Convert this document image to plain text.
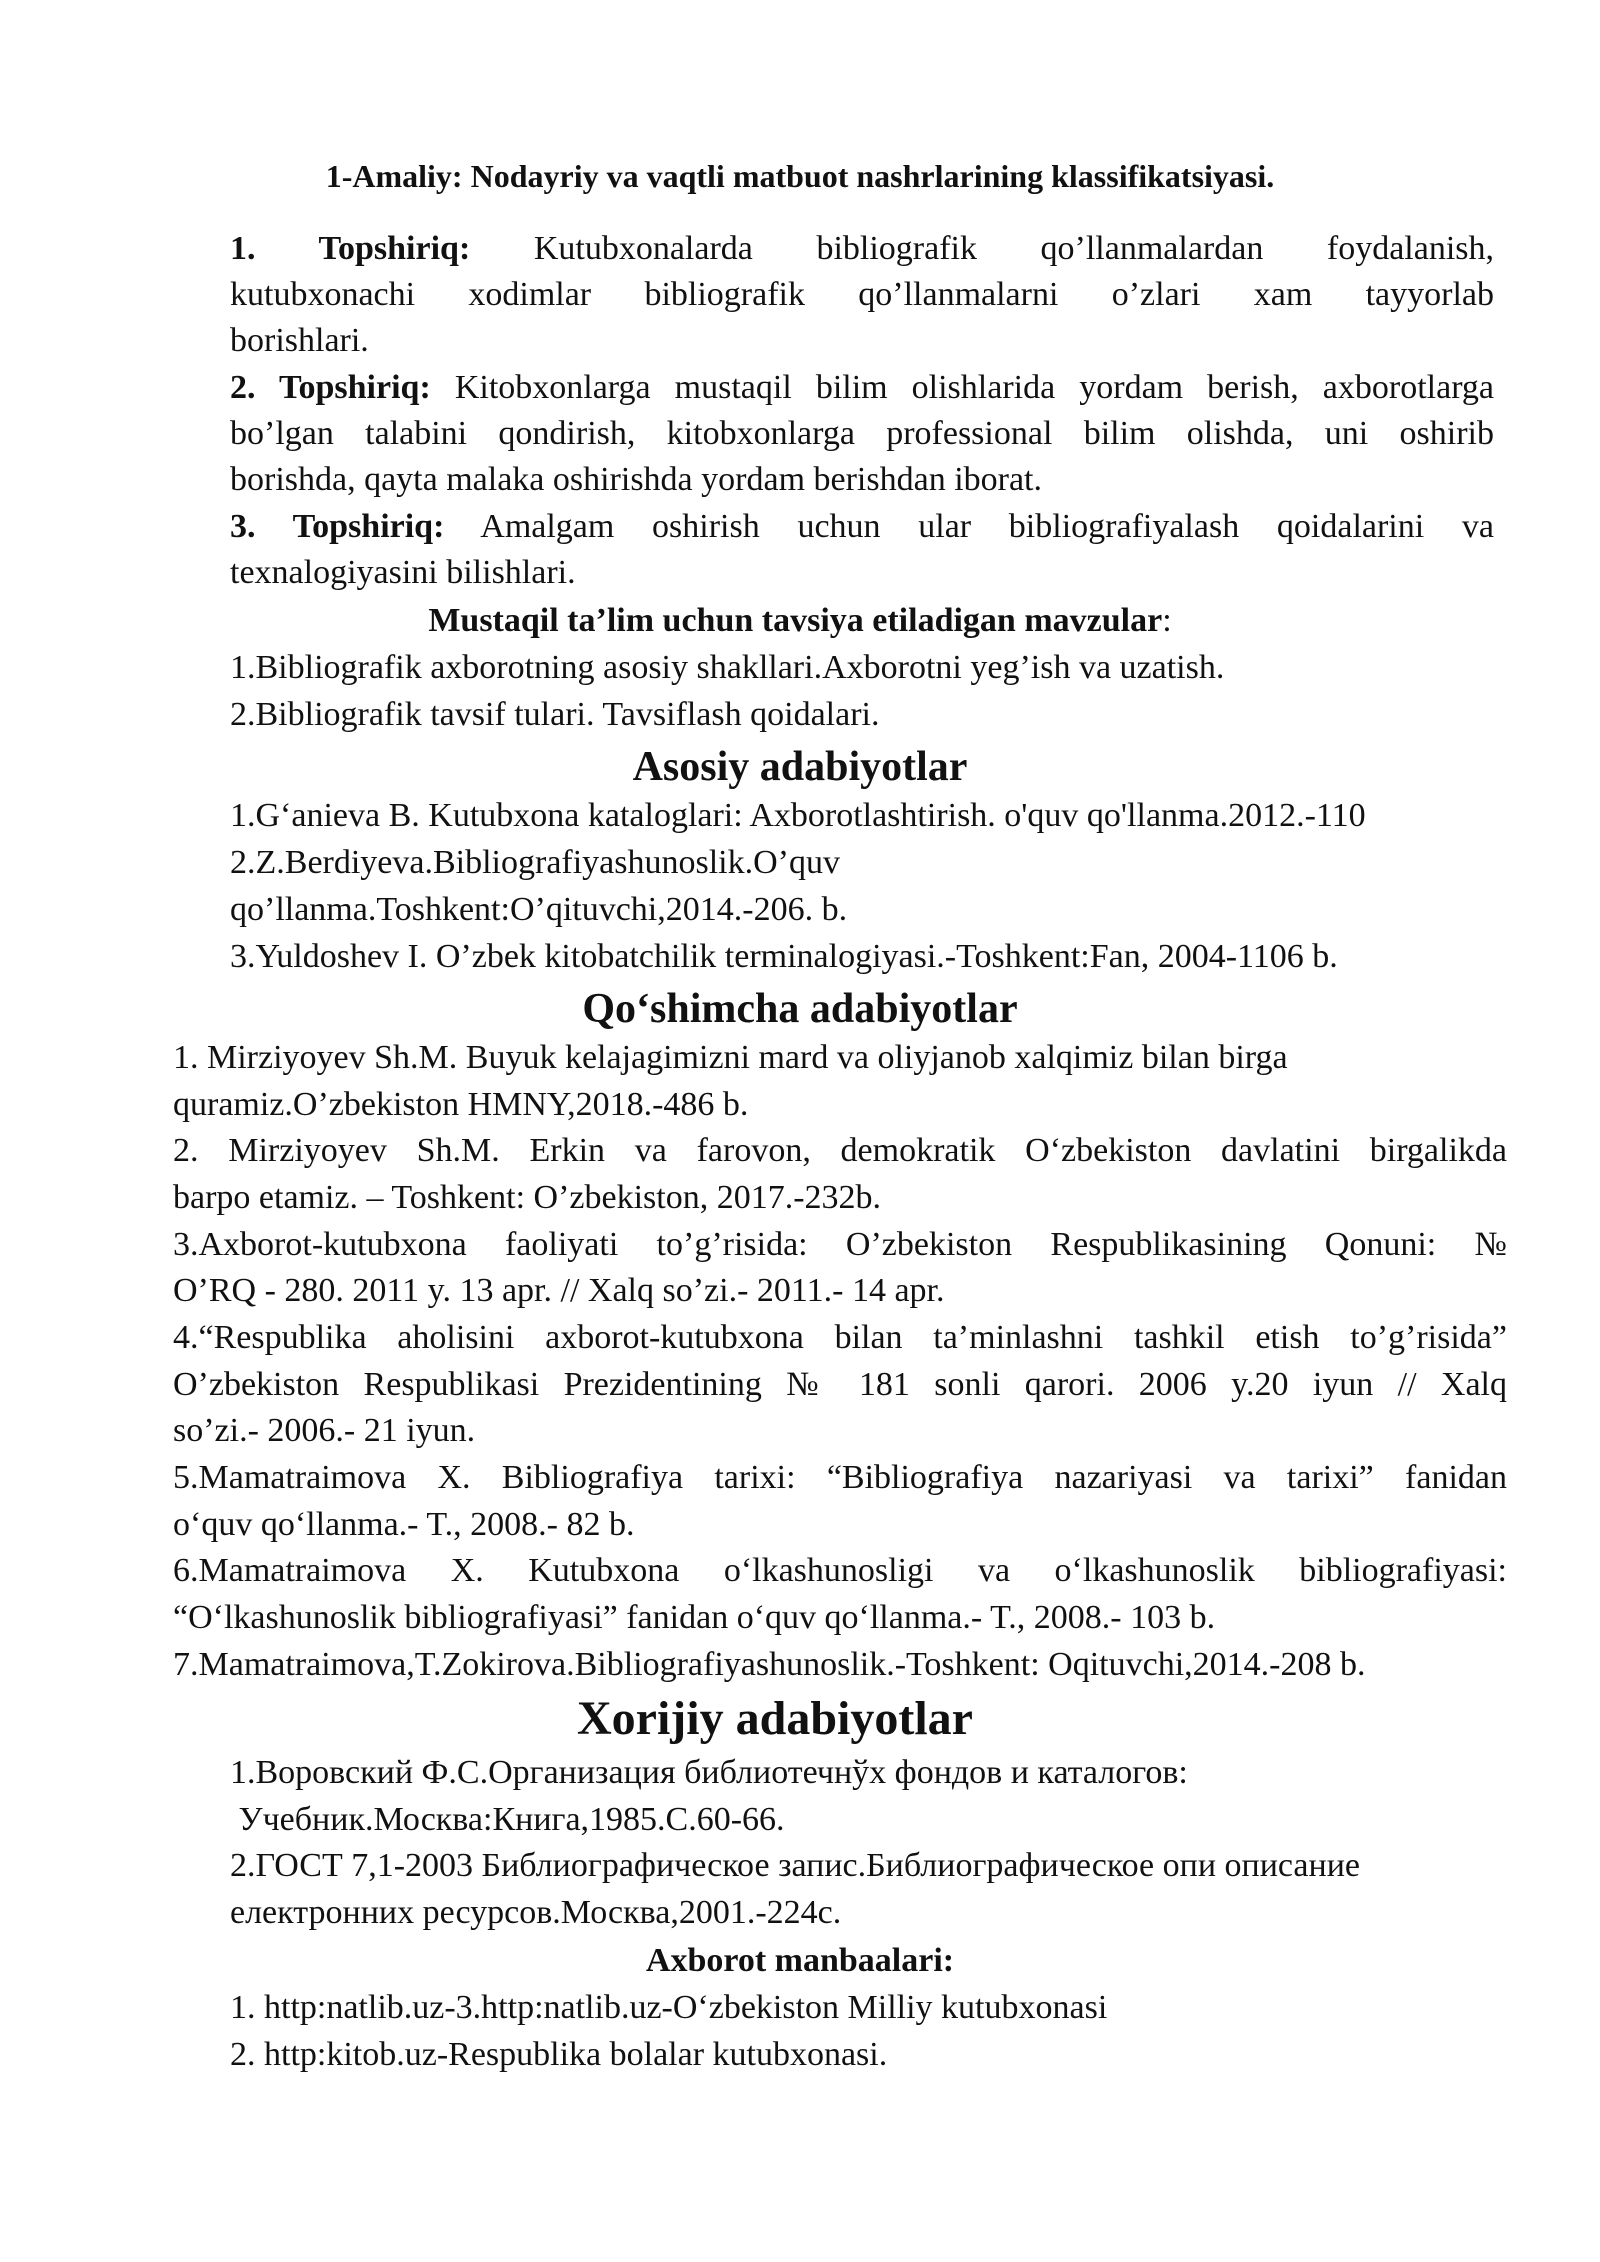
1-Amaliy: Nodayriy va vaqtli matbuot nashrlarining klassifikatsiyasi.
1. Topshiriq: Kutubxonalarda bibliografik qo’llanmalardan foydalanish,
kutubxonachi xodimlar bibliografik qo’llanmalarni o’zlari xam tayyorlab
borishlari.
2. Topshiriq: Kitobxonlarga mustaqil bilim olishlarida yordam berish, axborotlarga
bo’lgan talabini qondirish, kitobxonlarga professional bilim olishda, uni oshirib
borishda, qayta malaka oshirishda yordam berishdan iborat.
3. Topshiriq: Amalgam oshirish uchun ular bibliografiyalash qoidalarini va
texnalogiyasini bilishlari.
Mustaqil ta’lim uchun tavsiya etiladigan mavzular:
1.Bibliografik axborotning asosiy shakllari.Axborotni yeg’ish va uzatish.
2.Bibliografik tavsif tulari. Tavsiflash qoidalari.
Asosiy adabiyotlar
1.G‘anieva B. Kutubxona kataloglari: Axborotlashtirish. o'quv qo'llanma.2012.-110
2.Z.Berdiyeva.Bibliografiyashunoslik.O’quv
qo’llanma.Toshkent:O’qituvchi,2014.-206. b.
3.Yuldoshev I. O’zbek kitobatchilik terminalogiyasi.-Toshkent:Fan, 2004-1106 b.
Qo‘shimcha adabiyotlar
1. Mirziyoyev Sh.M. Buyuk kelajagimizni mard va oliyjanob xalqimiz bilan birga
quramiz.O’zbekiston HMNY,2018.-486 b.
2. Mirziyoyev Sh.M. Erkin va farovon, demokratik O‘zbekiston davlatini birgalikda
barpo etamiz. – Toshkent: O’zbekiston, 2017.-232b.
3.Axborot-kutubxona faoliyati to’g’risida: O’zbekiston Respublikasining Qonuni: №
O’RQ - 280. 2011 y. 13 apr. // Xalq so’zi.- 2011.- 14 apr.
4.“Respublika aholisini axborot-kutubxona bilan ta’minlashni tashkil etish to’g’risida”
O’zbekiston Respublikasi Prezidentining № 181 sonli qarori. 2006 y.20 iyun // Xalq
so’zi.- 2006.- 21 iyun.
5.Mamatraimova X. Bibliografiya tarixi: “Bibliografiya nazariyasi va tarixi” fanidan
o‘quv qo‘llanma.- T., 2008.- 82 b.
6.Mamatraimova X. Kutubxona o‘lkashunosligi va o‘lkashunoslik bibliografiyasi:
“O‘lkashunoslik bibliografiyasi” fanidan o‘quv qo‘llanma.- T., 2008.- 103 b.
7.Mamatraimova,T.Zokirova.Bibliografiyashunoslik.-Toshkent: Oqituvchi,2014.-208 b.
Xorijiy adabiyotlar
1.Воровский Ф.С.Организация библиотечнўх фондов и каталогов:
Учебник.Москва:Книга,1985.С.60-66.
2.ГОСТ 7,1-2003 Библиографическое запис.Библиографическое опи описание
електронних ресурсов.Москва,2001.-224с.
Axborot manbaalari:
1. http:natlib.uz-3.http:natlib.uz-O‘zbekiston Milliy kutubxonasi
2. http:kitob.uz-Respublika bolalar kutubxonasi.
